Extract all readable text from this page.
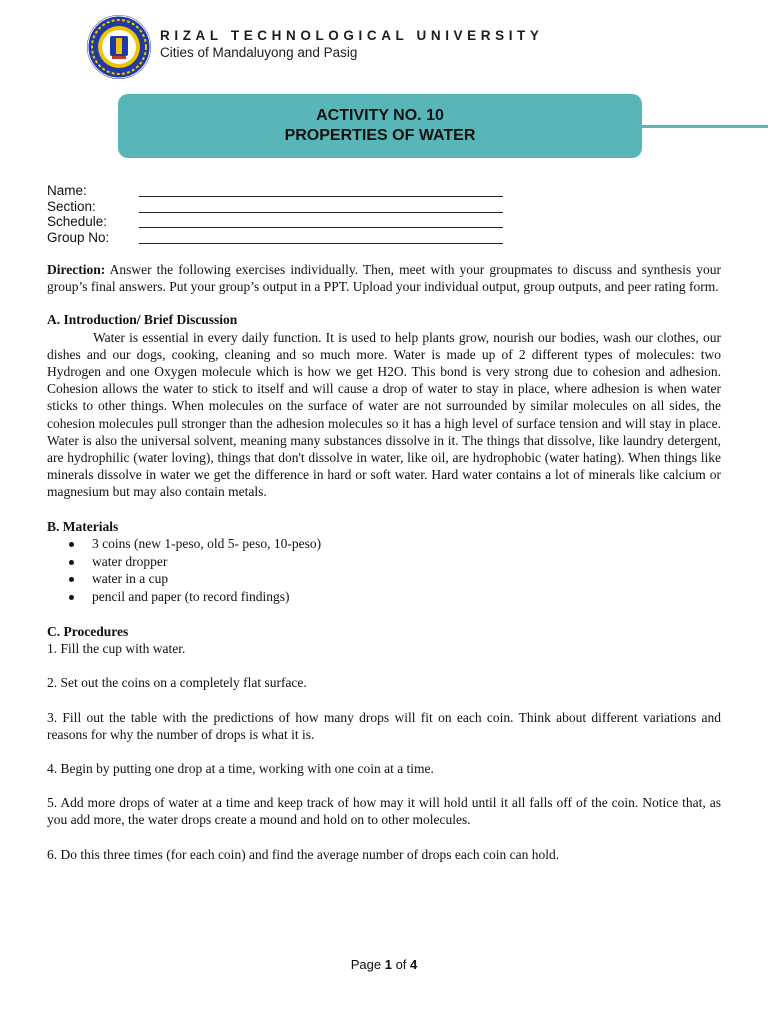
RIZAL TECHNOLOGICAL UNIVERSITY
Cities of Mandaluyong and Pasig
ACTIVITY NO. 10
PROPERTIES OF WATER
Name:
Section:
Schedule:
Group No:

Direction: Answer the following exercises individually. Then, meet with your groupmates to discuss and synthesis your group’s final answers. Put your group’s output in a PPT. Upload your individual output, group outputs, and peer rating form.

A. Introduction/ Brief Discussion

Water is essential in every daily function. It is used to help plants grow, nourish our bodies, wash our clothes, our dishes and our dogs, cooking, cleaning and so much more. Water is made up of 2 different types of molecules: two Hydrogen and one Oxygen molecule which is how we get H2O. This bond is very strong due to cohesion and adhesion. Cohesion allows the water to stick to itself and will cause a drop of water to stay in place, where adhesion is when water sticks to other things. When molecules on the surface of water are not surrounded by similar molecules on all sides, the cohesion molecules pull stronger than the adhesion molecules so it has a high level of surface tension and will stay in place. Water is also the universal solvent, meaning many substances dissolve in it. The things that dissolve, like laundry detergent, are hydrophilic (water loving), things that don't dissolve in water, like oil, are hydrophobic (water hating). When things like minerals dissolve in water we get the difference in hard or soft water. Hard water contains a lot of minerals like calcium or magnesium but may also contain metals.

B. Materials

3 coins (new 1-peso, old 5- peso, 10-peso)
water dropper
water in a cup
pencil and paper (to record findings)

C. Procedures

1. Fill the cup with water.

2. Set out the coins on a completely flat surface.

3. Fill out the table with the predictions of how many drops will fit on each coin. Think about different variations and reasons for why the number of drops is what it is.

4. Begin by putting one drop at a time, working with one coin at a time.

5. Add more drops of water at a time and keep track of how may it will hold until it all falls off of the coin. Notice that, as you add more, the water drops create a mound and hold on to other molecules.

6. Do this three times (for each coin) and find the average number of drops each coin can hold.

Page 1 of 4
